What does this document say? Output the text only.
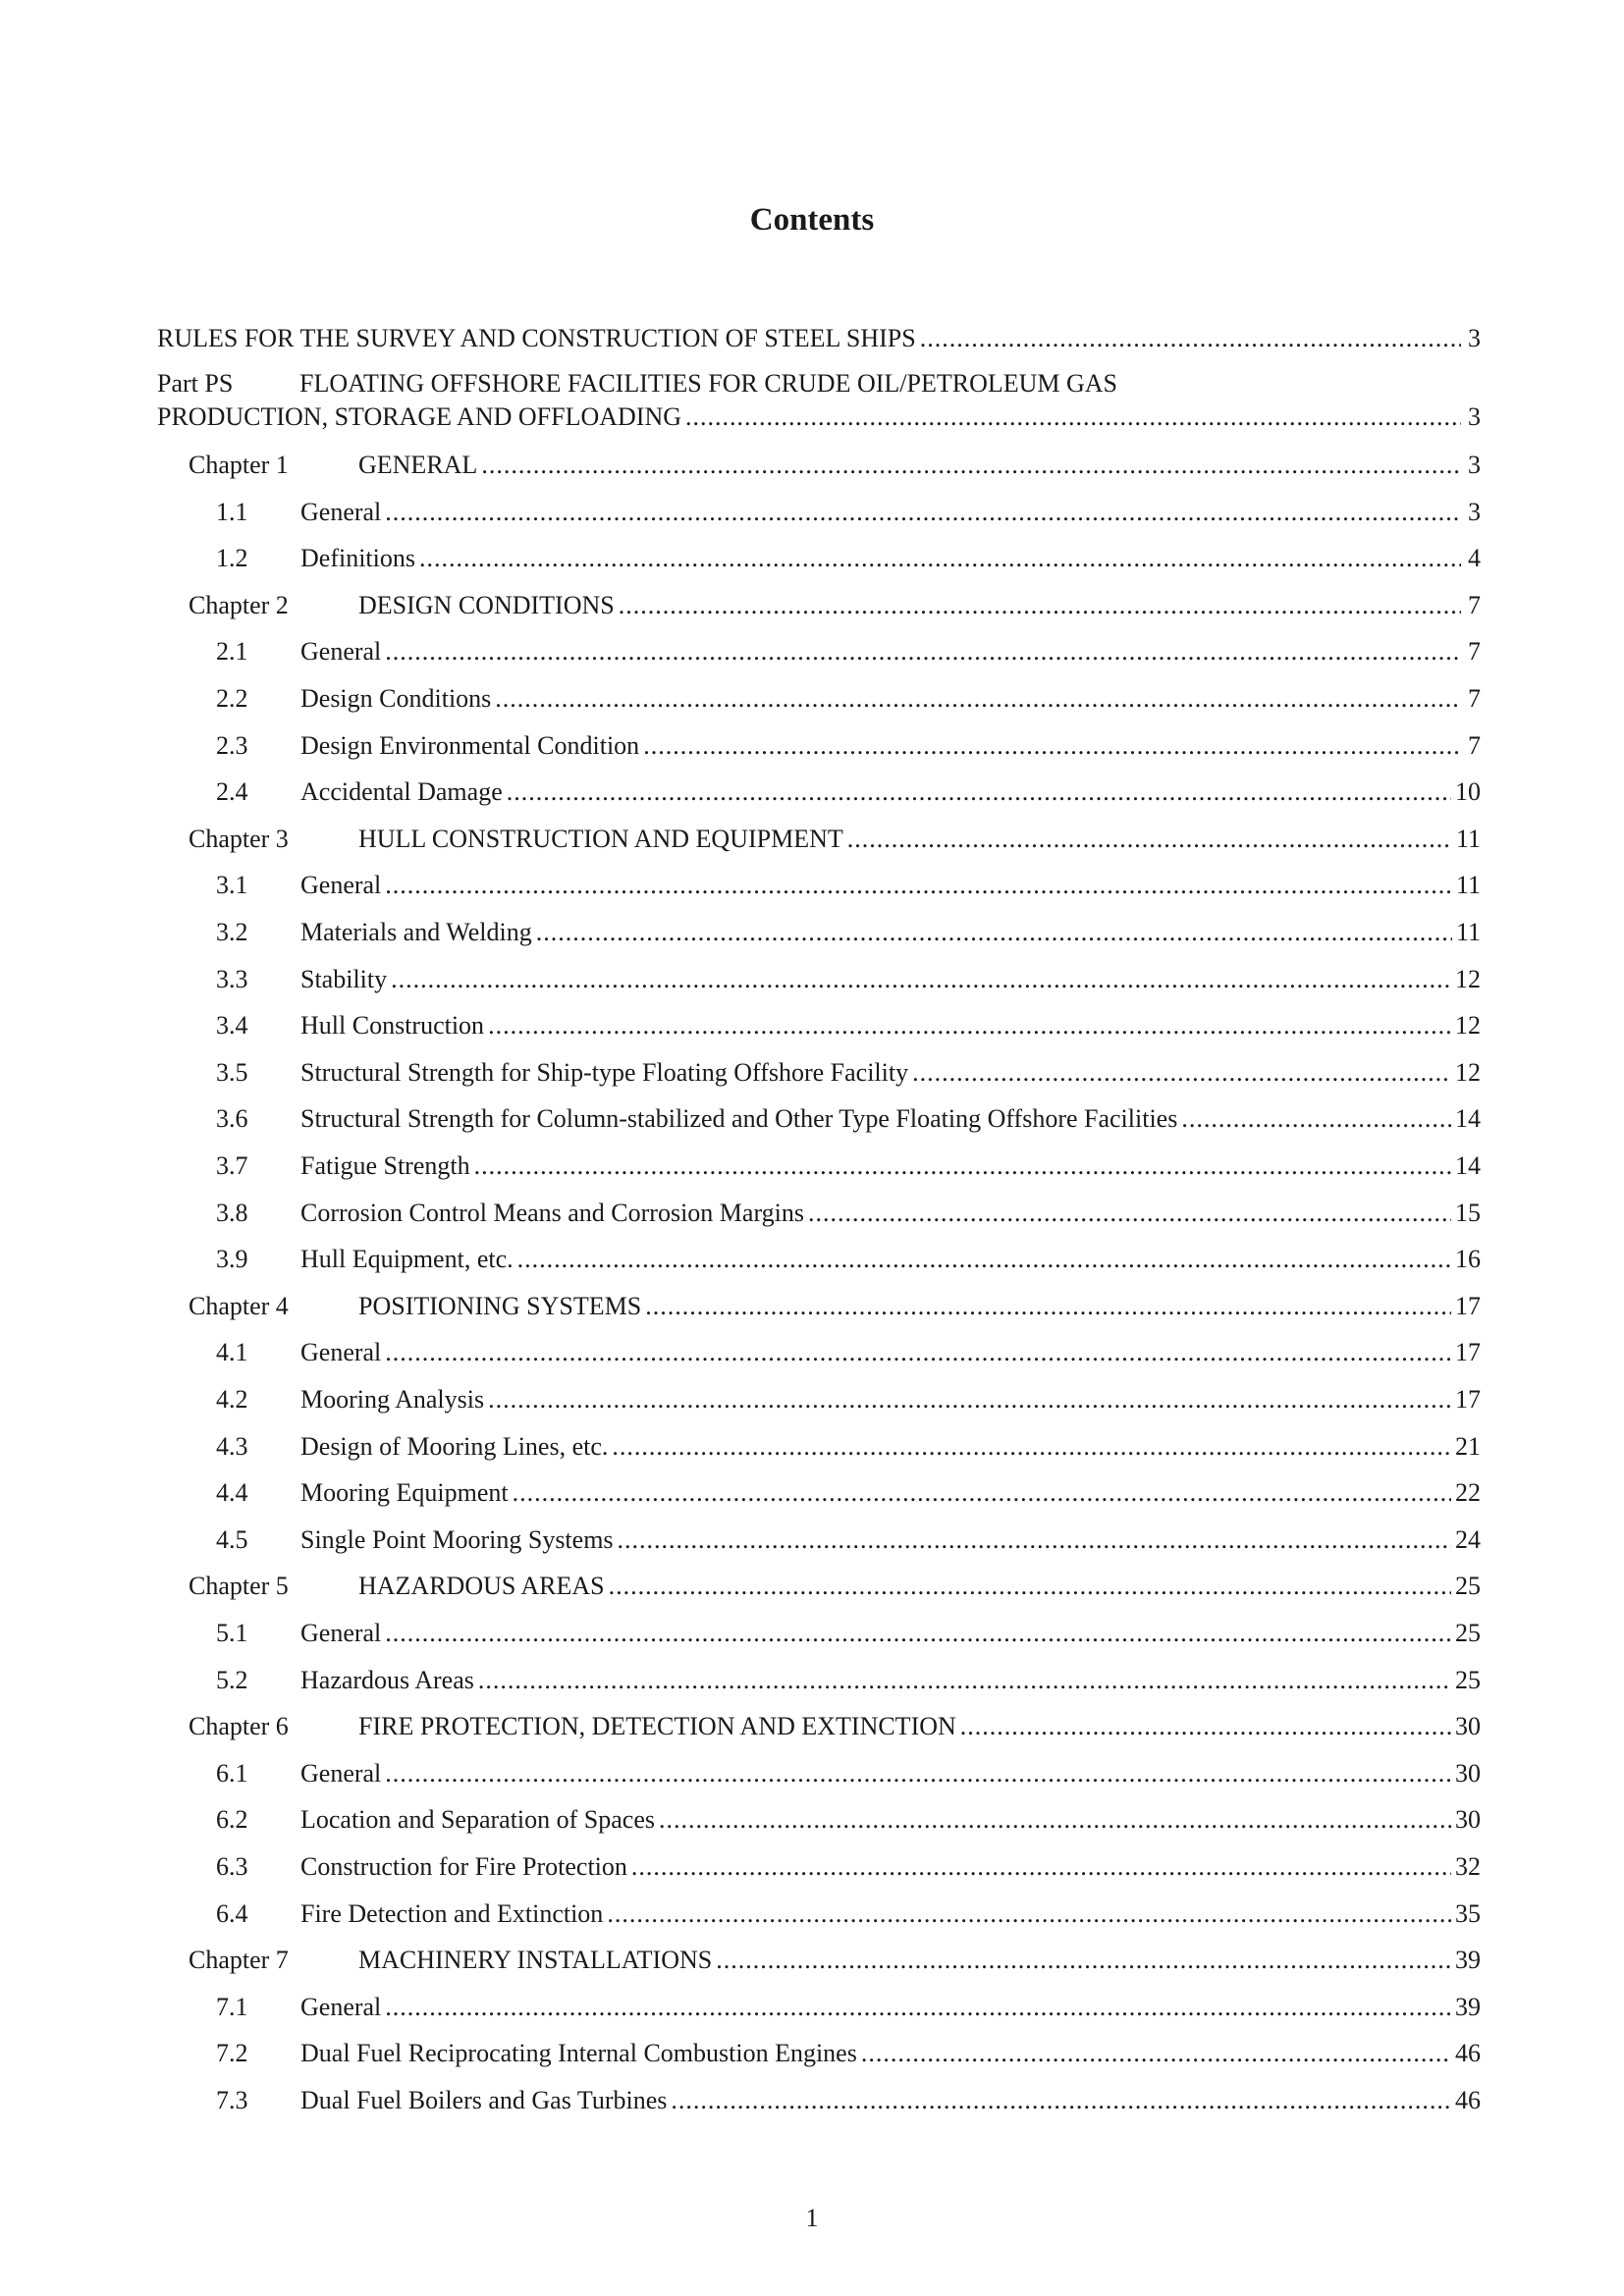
Contents
RULES FOR THE SURVEY AND CONSTRUCTION OF STEEL SHIPS .....	3
Part PS	FLOATING OFFSHORE FACILITIES FOR CRUDE OIL/PETROLEUM GAS
PRODUCTION, STORAGE AND OFFLOADING .....	3
Chapter 1	GENERAL .....	3
1.1	General .....	3
1.2	Definitions .....	4
Chapter 2	DESIGN CONDITIONS .....	7
2.1	General .....	7
2.2	Design Conditions .....	7
2.3	Design Environmental Condition .....	7
2.4	Accidental Damage .....	10
Chapter 3	HULL CONSTRUCTION AND EQUIPMENT .....	11
3.1	General .....	11
3.2	Materials and Welding .....	11
3.3	Stability .....	12
3.4	Hull Construction .....	12
3.5	Structural Strength for Ship-type Floating Offshore Facility .....	12
3.6	Structural Strength for Column-stabilized and Other Type Floating Offshore Facilities .....	14
3.7	Fatigue Strength .....	14
3.8	Corrosion Control Means and Corrosion Margins .....	15
3.9	Hull Equipment, etc. .....	16
Chapter 4	POSITIONING SYSTEMS .....	17
4.1	General .....	17
4.2	Mooring Analysis .....	17
4.3	Design of Mooring Lines, etc. .....	21
4.4	Mooring Equipment .....	22
4.5	Single Point Mooring Systems .....	24
Chapter 5	HAZARDOUS AREAS .....	25
5.1	General .....	25
5.2	Hazardous Areas .....	25
Chapter 6	FIRE PROTECTION, DETECTION AND EXTINCTION .....	30
6.1	General .....	30
6.2	Location and Separation of Spaces .....	30
6.3	Construction for Fire Protection .....	32
6.4	Fire Detection and Extinction .....	35
Chapter 7	MACHINERY INSTALLATIONS .....	39
7.1	General .....	39
7.2	Dual Fuel Reciprocating Internal Combustion Engines .....	46
7.3	Dual Fuel Boilers and Gas Turbines .....	46
1
